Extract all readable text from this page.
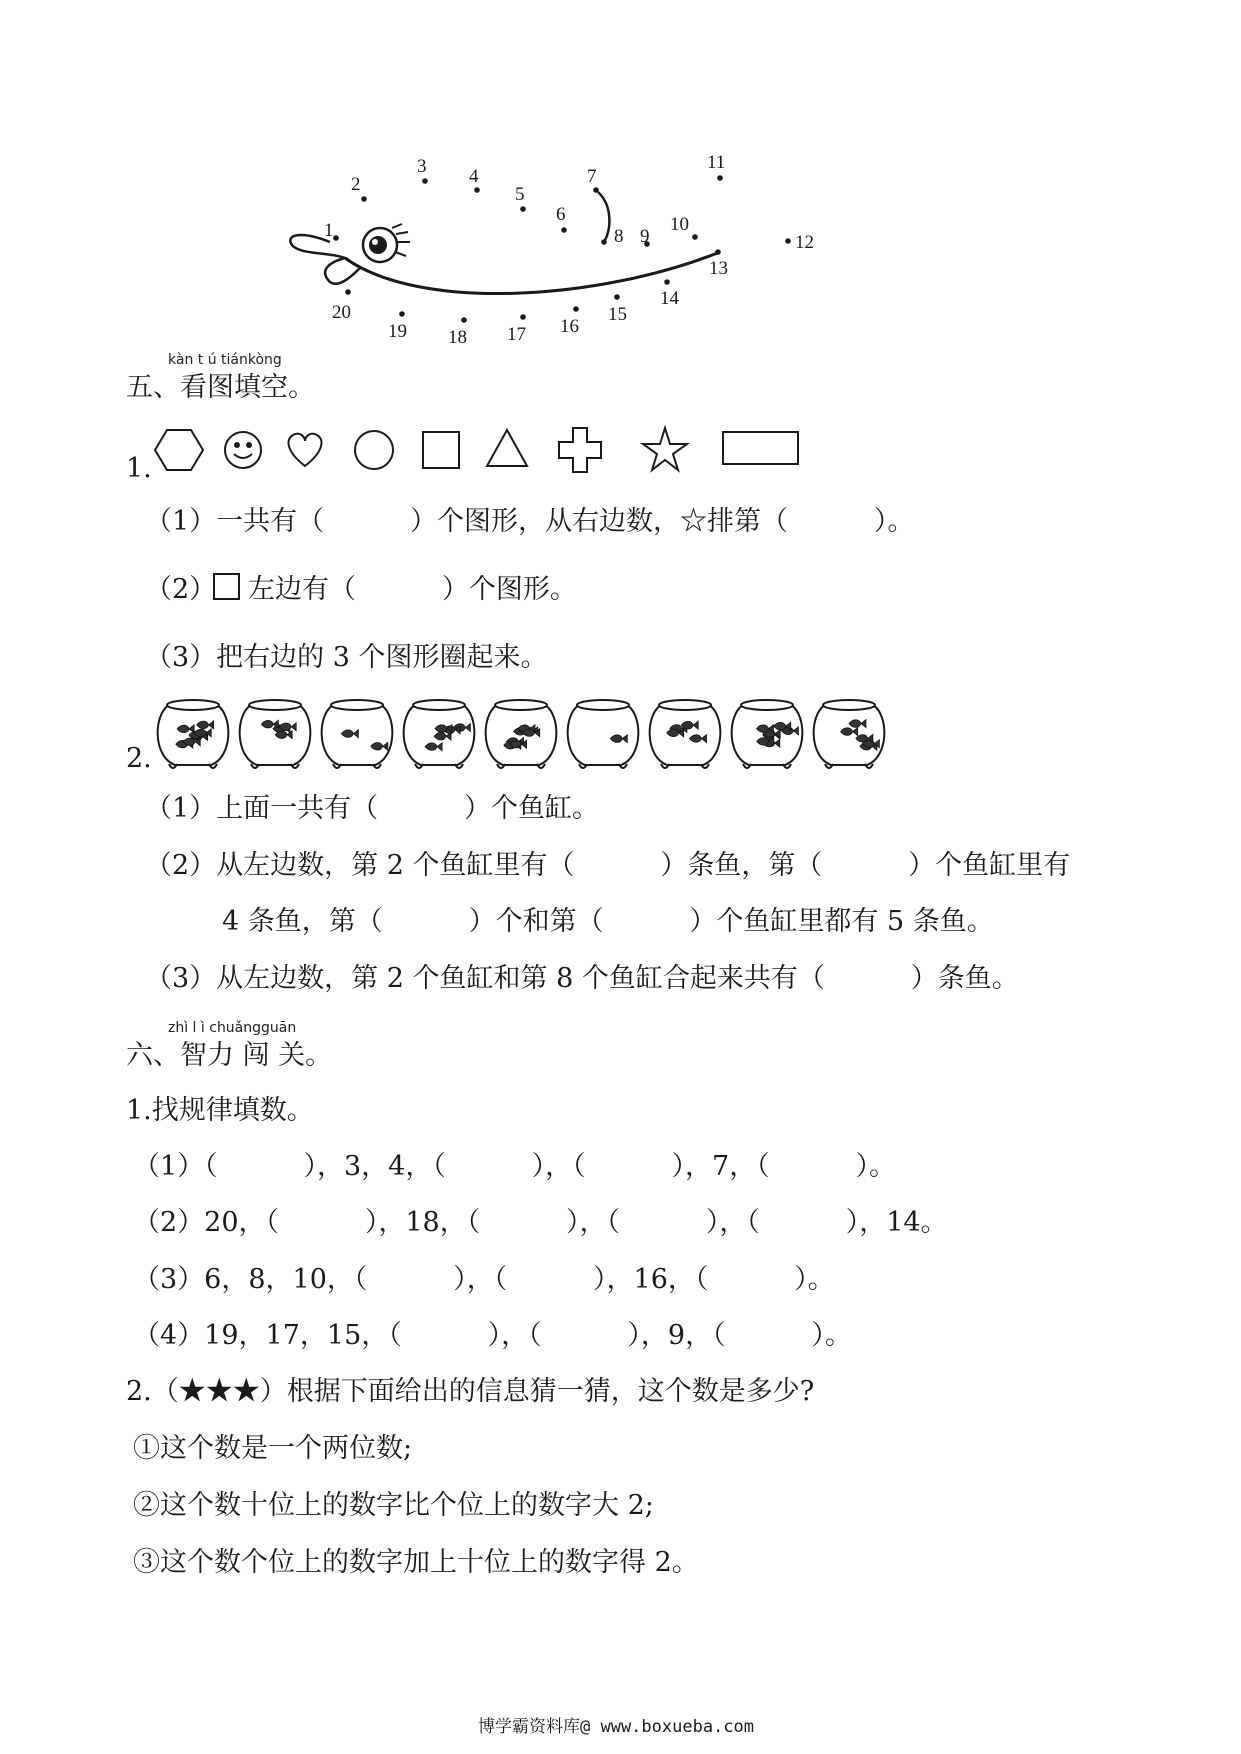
1
2
3 4
5
6
7
8 9
10
11
12
13
14
15
16
17
18
19
20
kàn t ú tiánkòng
五、看图填空。
1.
（1）一共有（          ）个图形，从右边数，☆排第（          ）。
（2） 左边有（          ）个图形。
（3）把右边的 3 个图形圈起来。
2.
（1）上面一共有（          ）个鱼缸。
（2）从左边数，第 2 个鱼缸里有（          ）条鱼，第（          ）个鱼缸里有
4 条鱼，第（          ）个和第（          ）个鱼缸里都有 5 条鱼。
（3）从左边数，第 2 个鱼缸和第 8 个鱼缸合起来共有（          ）条鱼。
zhì l ì chuǎngguān
六、智力 闯 关。
1.找规律填数。
（1）（          ），3，4，（          ），（          ），7，（          ）。
（2）20，（          ），18，（          ），（          ），（          ），14。
（3）6，8，10，（          ），（          ），16，（          ）。
（4）19，17，15，（          ），（          ），9，（          ）。
2.（★★★）根据下面给出的信息猜一猜，这个数是多少?
①这个数是一个两位数;
②这个数十位上的数字比个位上的数字大 2;
③这个数个位上的数字加上十位上的数字得 2。
博学霸资料库@ www.boxueba.com
